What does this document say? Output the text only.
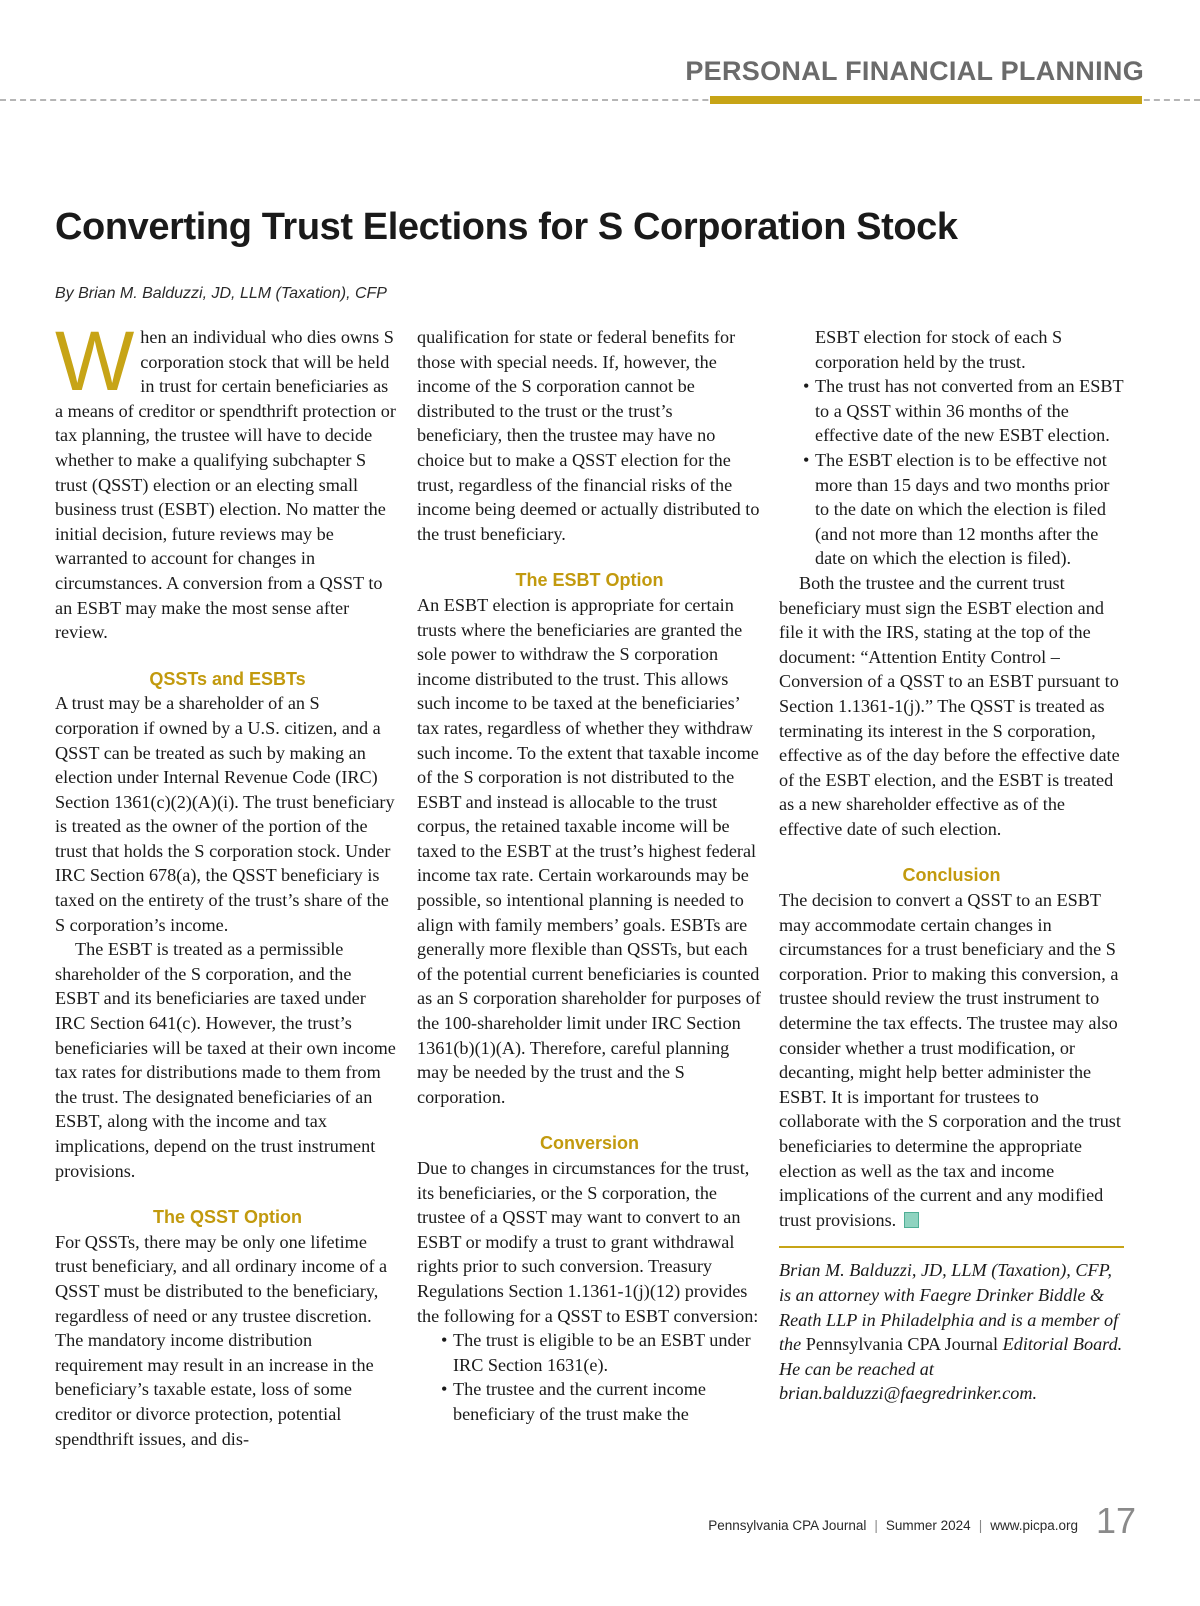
PERSONAL FINANCIAL PLANNING
Converting Trust Elections for S Corporation Stock
By Brian M. Balduzzi, JD, LLM (Taxation), CFP

When an individual who dies owns S corporation stock that will be held in trust for certain beneficiaries as a means of creditor or spendthrift protection or tax planning, the trustee will have to decide whether to make a qualifying subchapter S trust (QSST) election or an electing small business trust (ESBT) election. No matter the initial decision, future reviews may be warranted to account for changes in circumstances. A conversion from a QSST to an ESBT may make the most sense after review.

QSSTs and ESBTs

A trust may be a shareholder of an S corporation if owned by a U.S. citizen, and a QSST can be treated as such by making an election under Internal Revenue Code (IRC) Section 1361(c)(2)(A)(i). The trust beneficiary is treated as the owner of the portion of the trust that holds the S corporation stock. Under IRC Section 678(a), the QSST beneficiary is taxed on the entirety of the trust’s share of the S corporation’s income.

The ESBT is treated as a permissible shareholder of the S corporation, and the ESBT and its beneficiaries are taxed under IRC Section 641(c). However, the trust’s beneficiaries will be taxed at their own income tax rates for distributions made to them from the trust. The designated beneficiaries of an ESBT, along with the income and tax implications, depend on the trust instrument provisions.

The QSST Option

For QSSTs, there may be only one lifetime trust beneficiary, and all ordinary income of a QSST must be distributed to the beneficiary, regardless of need or any trustee discretion. The mandatory income distribution requirement may result in an increase in the beneficiary’s taxable estate, loss of some creditor or divorce protection, potential spendthrift issues, and dis-

qualification for state or federal benefits for those with special needs. If, however, the income of the S corporation cannot be distributed to the trust or the trust’s beneficiary, then the trustee may have no choice but to make a QSST election for the trust, regardless of the financial risks of the income being deemed or actually distributed to the trust beneficiary.

The ESBT Option

An ESBT election is appropriate for certain trusts where the beneficiaries are granted the sole power to withdraw the S corporation income distributed to the trust. This allows such income to be taxed at the beneficiaries’ tax rates, regardless of whether they withdraw such income. To the extent that taxable income of the S corporation is not distributed to the ESBT and instead is allocable to the trust corpus, the retained taxable income will be taxed to the ESBT at the trust’s highest federal income tax rate. Certain workarounds may be possible, so intentional planning is needed to align with family members’ goals. ESBTs are generally more flexible than QSSTs, but each of the potential current beneficiaries is counted as an S corporation shareholder for purposes of the 100-shareholder limit under IRC Section 1361(b)(1)(A). Therefore, careful planning may be needed by the trust and the S corporation.

Conversion

Due to changes in circumstances for the trust, its beneficiaries, or the S corporation, the trustee of a QSST may want to convert to an ESBT or modify a trust to grant withdrawal rights prior to such conversion. Treasury Regulations Section 1.1361-1(j)(12) provides the following for a QSST to ESBT conversion:

• The trust is eligible to be an ESBT under IRC Section 1631(e).
• The trustee and the current income beneficiary of the trust make the

ESBT election for stock of each S corporation held by the trust.

• The trust has not converted from an ESBT to a QSST within 36 months of the effective date of the new ESBT election.
• The ESBT election is to be effective not more than 15 days and two months prior to the date on which the election is filed (and not more than 12 months after the date on which the election is filed).

Both the trustee and the current trust beneficiary must sign the ESBT election and file it with the IRS, stating at the top of the document: “Attention Entity Control – Conversion of a QSST to an ESBT pursuant to Section 1.1361-1(j).” The QSST is treated as terminating its interest in the S corporation, effective as of the day before the effective date of the ESBT election, and the ESBT is treated as a new shareholder effective as of the effective date of such election.

Conclusion

The decision to convert a QSST to an ESBT may accommodate certain changes in circumstances for a trust beneficiary and the S corporation. Prior to making this conversion, a trustee should review the trust instrument to determine the tax effects. The trustee may also consider whether a trust modification, or decanting, might help better administer the ESBT. It is important for trustees to collaborate with the S corporation and the trust beneficiaries to determine the appropriate election as well as the tax and income implications of the current and any modified trust provisions.

Brian M. Balduzzi, JD, LLM (Taxation), CFP, is an attorney with Faegre Drinker Biddle & Reath LLP in Philadelphia and is a member of the Pennsylvania CPA Journal Editorial Board. He can be reached at brian.balduzzi@faegredrinker.com.

Pennsylvania CPA Journal | Summer 2024 | www.picpa.org 17
